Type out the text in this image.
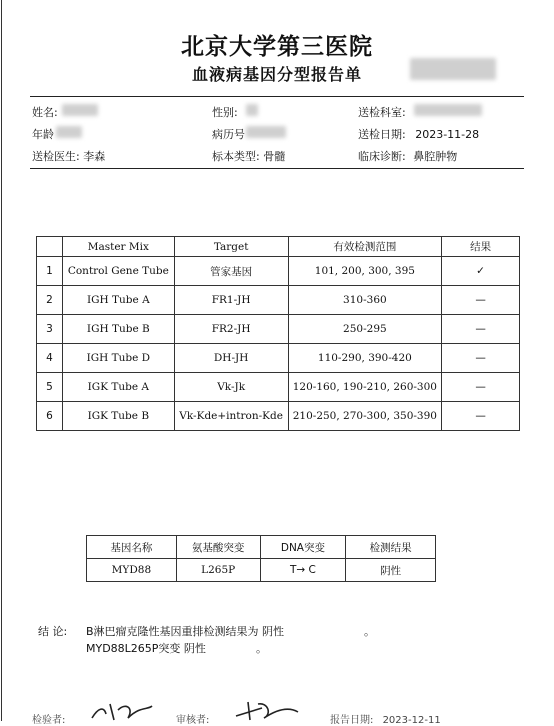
北京大学第三医院
血液病基因分型报告单
姓名:	性别:	送检科室:
年龄	病历号	送检日期: 2023-11-28
送检医生: 李森	标本类型: 骨髓	临床诊断: 鼻腔肿物
	Master Mix	Target	有效检测范围	结果
1	Control Gene Tube	管家基因	101, 200, 300, 395	✓
2	IGH Tube A	FR1-JH	310-360	—
3	IGH Tube B	FR2-JH	250-295	—
4	IGH Tube D	DH-JH	110-290, 390-420	—
5	IGK Tube A	Vk-Jk	120-160, 190-210, 260-300	—
6	IGK Tube B	Vk-Kde+intron-Kde	210-250, 270-300, 350-390	—
基因名称	氨基酸突变	DNA突变	检测结果
MYD88	L265P	T→ C	阴性
结 论: B淋巴瘤克隆性基因重排检测结果为 阴性	。
MYD88L265P突变 阴性	。
检验者:	审核者:	报告日期: 2023-12-11
